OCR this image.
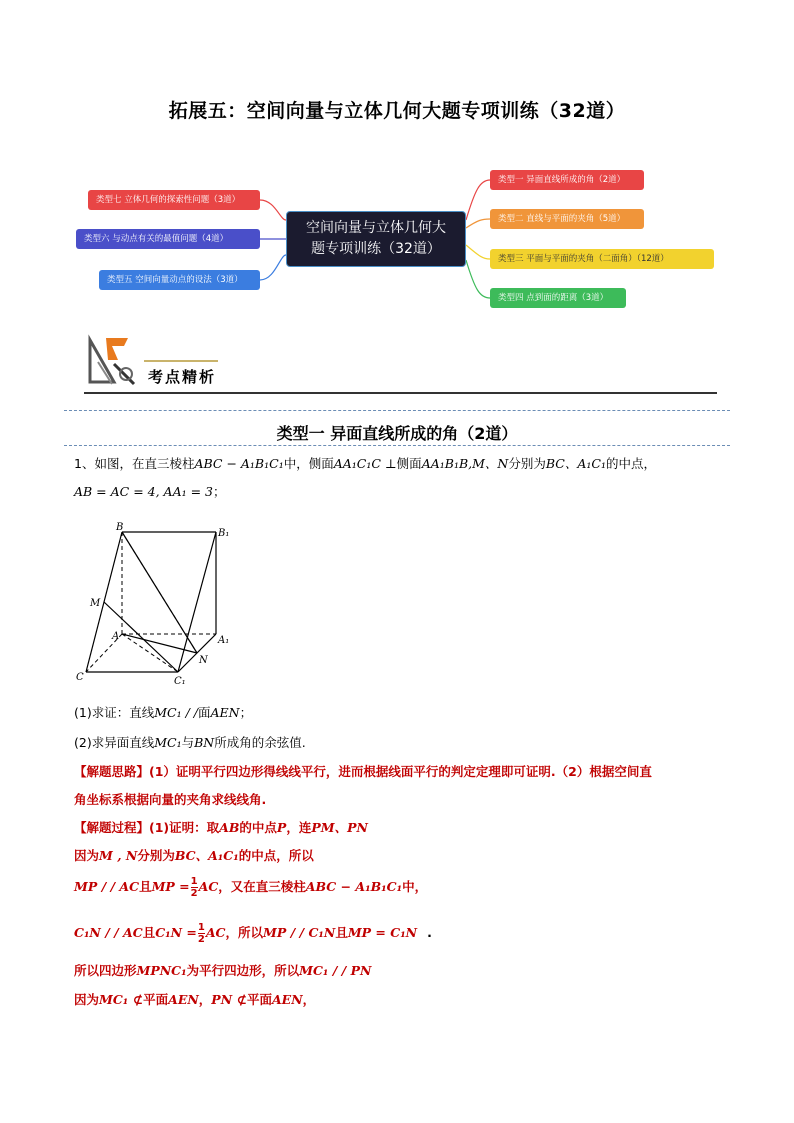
拓展五：空间向量与立体几何大题专项训练（32道）
类型七 立体几何的探索性问题（3道）
类型六 与动点有关的最值问题（4道）
类型五 空间向量动点的设法（3道）
空间向量与立体几何大
题专项训练（32道）
类型一 异面直线所成的角（2道）
类型二 直线与平面的夹角（5道）
类型三 平面与平面的夹角（二面角）（12道）
类型四 点到面的距离（3道）
考点精析
类型一 异面直线所成的角（2道）
1、如图，在直三棱柱ABC − A₁B₁C₁中，侧面AA₁C₁C ⊥侧面AA₁B₁B,M、N分别为BC、A₁C₁的中点，
AB = AC = 4, AA₁ = 3；
B
B₁
M
A	A₁
C	C₁
N
(1)求证：直线MC₁ / /面AEN；
(2)求异面直线MC₁与BN所成角的余弦值.
【解题思路】(1）证明平行四边形得线线平行，进而根据线面平行的判定定理即可证明.（2）根据空间直
角坐标系根据向量的夹角求线线角.
【解题过程】(1)证明：取AB的中点P，连PM、PN
因为M , N分别为BC、A₁C₁的中点，所以
MP / / AC且MP = $\frac{1}{2}$ AC，又在直三棱柱ABC − A₁B₁C₁中，
C₁N / / AC且$C_1N = \frac{1}{2}$ AC，所以MP / / C₁N且MP = C₁N .
所以四边形MPNC₁为平行四边形，所以MC₁ / / PN
因为MC₁ ⊄平面AEN，PN ⊄平面AEN，
